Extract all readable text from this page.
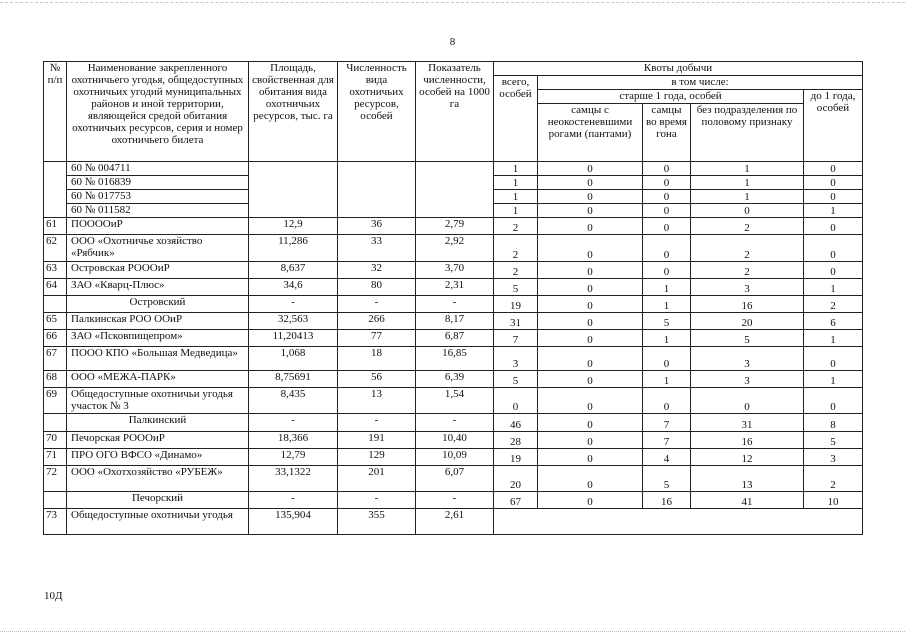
8
№ п/п	Наименование закрепленного охотничьего угодья, общедоступных охотничьих угодий муниципальных районов и иной территории, являющейся средой обитания охотничьих ресурсов, серия и номер охотничьего билета	Площадь, свойственная для обитания вида охотничьих ресурсов, тыс. га	Численность вида охотничьих ресурсов, особей	Показатель численности, особей на 1000 га	Квоты добычи				
					всего, особей	в том числе:			
						старше 1 года, особей			до 1 года, особей
						самцы с неокостеневшими рогами (пантами)	самцы во время гона	без подразделения по половому признаку	
	60 № 004711				1	0	0	1	0
	60 № 016839				1	0	0	1	0
	60 № 017753				1	0	0	1	0
	60 № 011582				1	0	0	0	1
61	ПООООиР	12,9	36	2,79	2	0	0	2	0
62	ООО «Охотничье хозяйство «Рябчик»	11,286	33	2,92	2	0	0	2	0
63	Островская РОООиР	8,637	32	3,70	2	0	0	2	0
64	ЗАО «Кварц-Плюс»	34,6	80	2,31	5	0	1	3	1
	Островский	-	-	-	19	0	1	16	2
65	Палкинская РОО ООиР	32,563	266	8,17	31	0	5	20	6
66	ЗАО «Псковпищепром»	11,20413	77	6,87	7	0	1	5	1
67	ПООО КПО «Большая Медведица»	1,068	18	16,85	3	0	0	3	0
68	ООО «МЕЖА-ПАРК»	8,75691	56	6,39	5	0	1	3	1
69	Общедоступные охотничьи угодья участок № 3	8,435	13	1,54	0	0	0	0	0
	Палкинский	-	-	-	46	0	7	31	8
70	Печорская РОООиР	18,366	191	10,40	28	0	7	16	5
71	ПРО ОГО ВФСО «Динамо»	12,79	129	10,09	19	0	4	12	3
72	ООО «Охотхозяйство «РУБЕЖ»	33,1322	201	6,07	20	0	5	13	2
	Печорский	-	-	-	67	0	16	41	10
73	Общедоступные охотничьи угодья	135,904	355	2,61					
10Д
